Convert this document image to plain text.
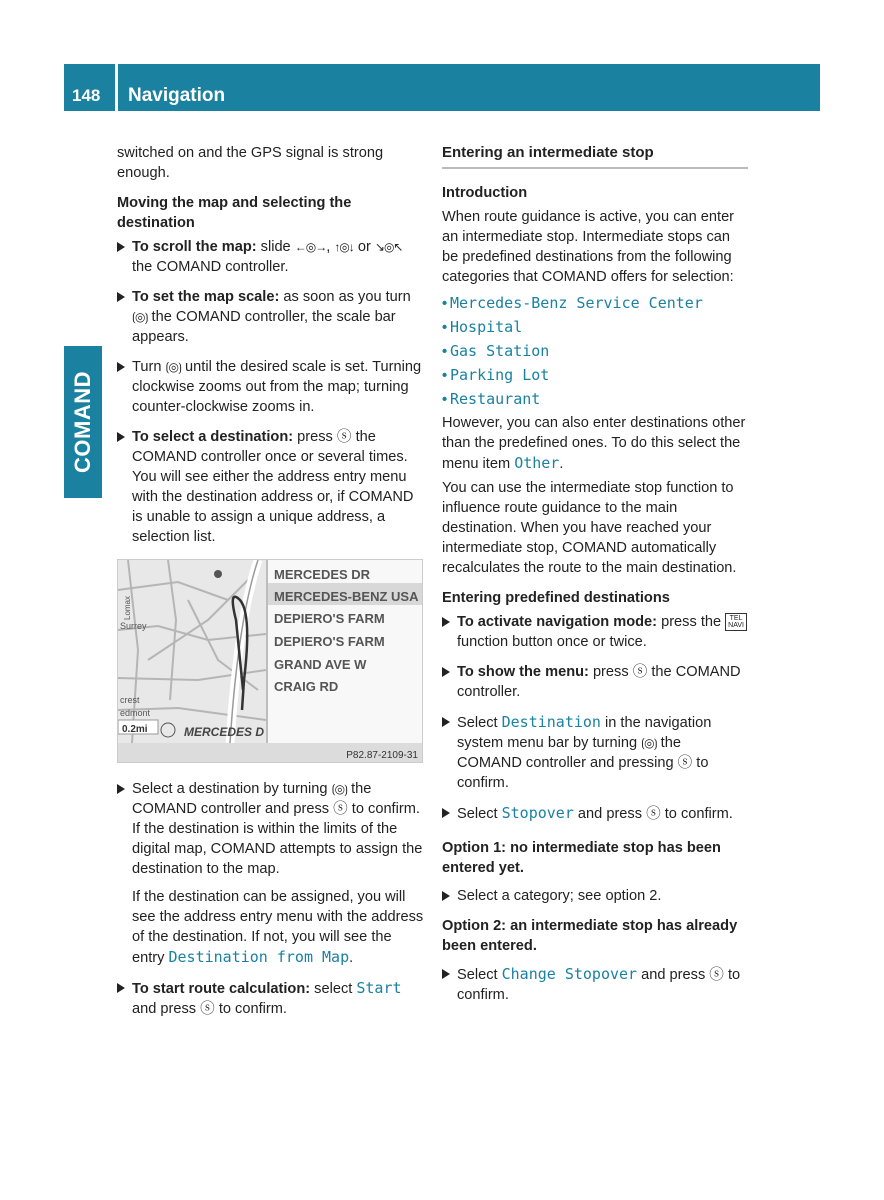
148 Navigation
COMAND

switched on and the GPS signal is strong enough.

Moving the map and selecting the destination

To scroll the map: slide ←◎→, ↑◎↓ or ↘◎↖ the COMAND controller.
To set the map scale: as soon as you turn ⟮◎⟯ the COMAND controller, the scale bar appears.
Turn ⟮◎⟯ until the desired scale is set. Turning clockwise zooms out from the map; turning counter-clockwise zooms in.
To select a destination: press ⓢ the COMAND controller once or several times. You will see either the address entry menu with the destination address or, if COMAND is unable to assign a unique address, a selection list.
Surrey
crest
edmont
Lomax
0.2mi	MERCEDES D
MERCEDES DR
MERCEDES-BENZ USA
DEPIERO'S FARM
DEPIERO'S FARM
GRAND AVE W
CRAIG RD
P82.87-2109-31
Select a destination by turning ⟮◎⟯ the COMAND controller and press ⓢ to confirm.

If the destination is within the limits of the digital map, COMAND attempts to assign the destination to the map.

If the destination can be assigned, you will see the address entry menu with the address of the destination. If not, you will see the entry Destination from Map.

To start route calculation: select Start and press ⓢ to confirm.
Entering an intermediate stop

Introduction

When route guidance is active, you can enter an intermediate stop. Intermediate stops can be predefined destinations from the following categories that COMAND offers for selection:

• Mercedes-Benz Service Center
• Hospital
• Gas Station
• Parking Lot
• Restaurant

However, you can also enter destinations other than the predefined ones. To do this select the menu item Other.

You can use the intermediate stop function to influence route guidance to the main destination. When you have reached your intermediate stop, COMAND automatically recalculates the route to the main destination.

Entering predefined destinations

To activate navigation mode: press the TEL
NAVI function button once or twice.
To show the menu: press ⓢ the COMAND controller.
Select Destination in the navigation system menu bar by turning ⟮◎⟯ the COMAND controller and pressing ⓢ to confirm.
Select Stopover and press ⓢ to confirm.

Option 1: no intermediate stop has been entered yet.

Select a category; see option 2.

Option 2: an intermediate stop has already been entered.

Select Change Stopover and press ⓢ to confirm.
